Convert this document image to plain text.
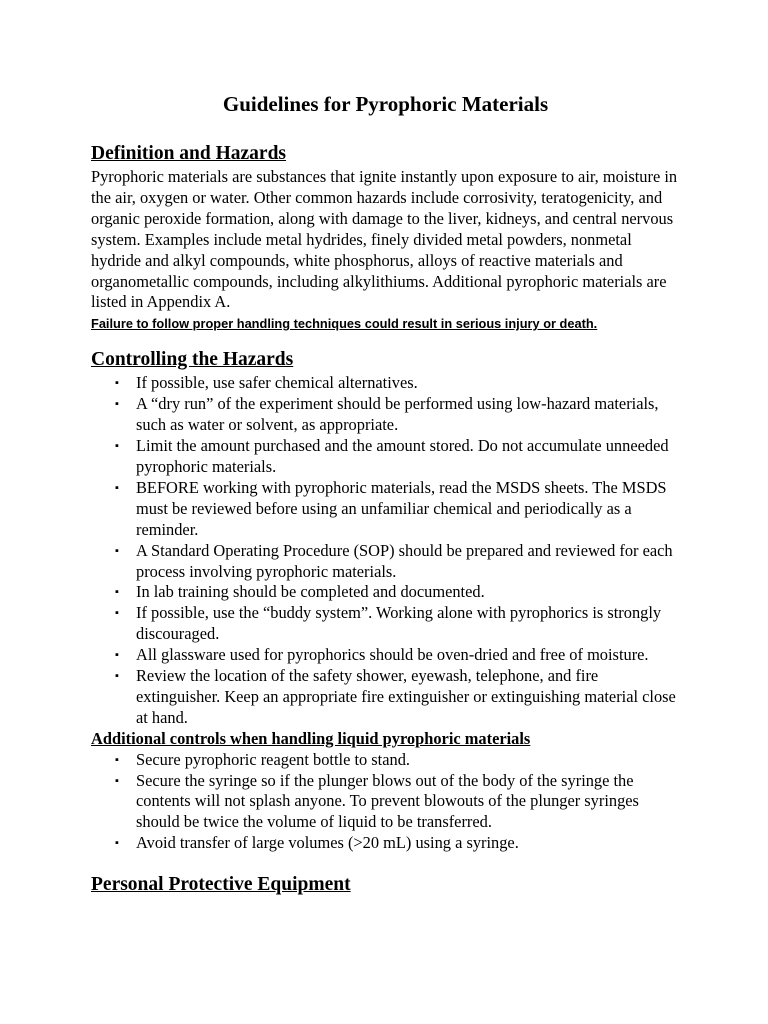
Guidelines for Pyrophoric Materials
Definition and Hazards

Pyrophoric materials are substances that ignite instantly upon exposure to air, moisture in the air, oxygen or water. Other common hazards include corrosivity, teratogenicity, and organic peroxide formation, along with damage to the liver, kidneys, and central nervous system. Examples include metal hydrides, finely divided metal powders, nonmetal hydride and alkyl compounds, white phosphorus, alloys of reactive materials and organometallic compounds, including alkylithiums. Additional pyrophoric materials are listed in Appendix A.

Failure to follow proper handling techniques could result in serious injury or death.

Controlling the Hazards
▪ If possible, use safer chemical alternatives.
▪ A “dry run” of the experiment should be performed using low-hazard materials, such as water or solvent, as appropriate.
▪ Limit the amount purchased and the amount stored. Do not accumulate unneeded pyrophoric materials.
▪ BEFORE working with pyrophoric materials, read the MSDS sheets. The MSDS must be reviewed before using an unfamiliar chemical and periodically as a reminder.
▪ A Standard Operating Procedure (SOP) should be prepared and reviewed for each process involving pyrophoric materials.
▪ In lab training should be completed and documented.
▪ If possible, use the “buddy system”. Working alone with pyrophorics is strongly discouraged.
▪ All glassware used for pyrophorics should be oven-dried and free of moisture.
▪ Review the location of the safety shower, eyewash, telephone, and fire extinguisher. Keep an appropriate fire extinguisher or extinguishing material close at hand.
Additional controls when handling liquid pyrophoric materials
▪ Secure pyrophoric reagent bottle to stand.
▪ Secure the syringe so if the plunger blows out of the body of the syringe the contents will not splash anyone. To prevent blowouts of the plunger syringes should be twice the volume of liquid to be transferred.
▪ Avoid transfer of large volumes (>20 mL) using a syringe.
Personal Protective Equipment
